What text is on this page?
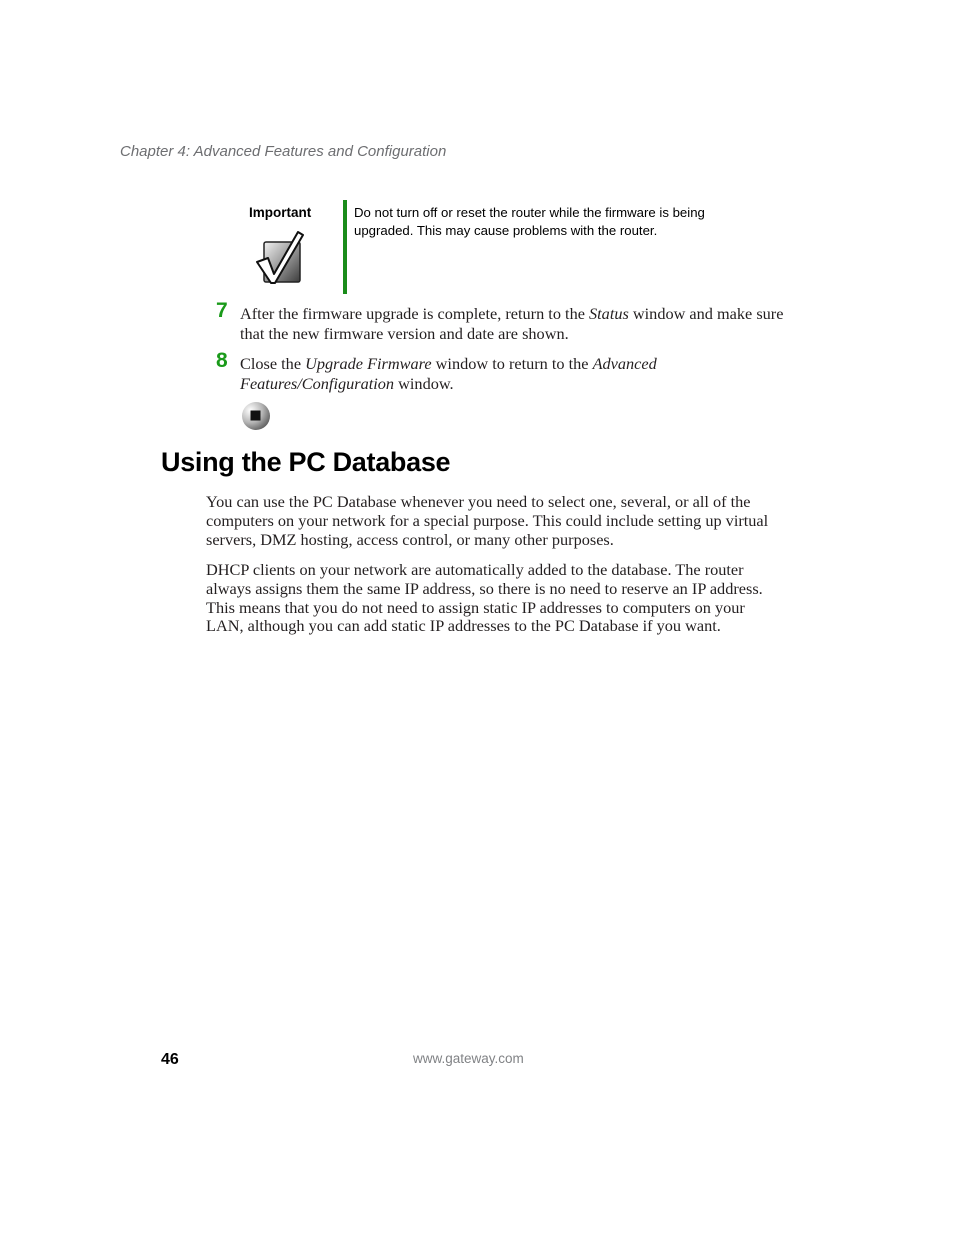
Chapter 4: Advanced Features and Configuration
Important	Do not turn off or reset the router while the firmware is being upgraded. This may cause problems with the router.
7 After the firmware upgrade is complete, return to the Status window and make sure that the new firmware version and date are shown.
8 Close the Upgrade Firmware window to return to the Advanced Features/Configuration window.
Using the PC Database
You can use the PC Database whenever you need to select one, several, or all of the computers on your network for a special purpose. This could include setting up virtual servers, DMZ hosting, access control, or many other purposes.
DHCP clients on your network are automatically added to the database. The router always assigns them the same IP address, so there is no need to reserve an IP address. This means that you do not need to assign static IP addresses to computers on your LAN, although you can add static IP addresses to the PC Database if you want.
46	www.gateway.com
